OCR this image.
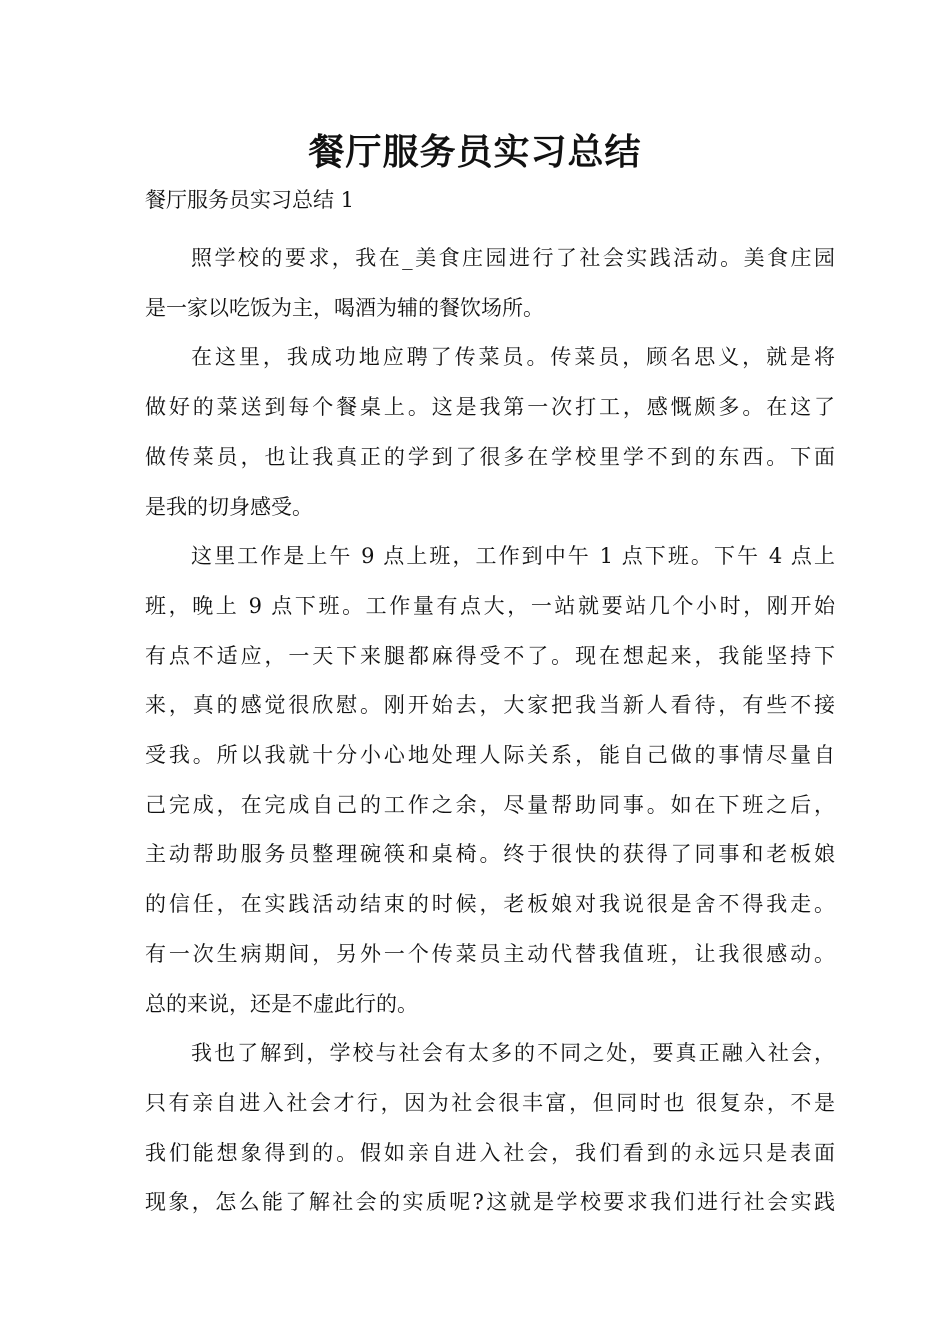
餐厅服务员实习总结
餐厅服务员实习总结 1
照学校的要求，我在_美食庄园进行了社会实践活动。美食庄园
是一家以吃饭为主，喝酒为辅的餐饮场所。
在这里，我成功地应聘了传菜员。传菜员，顾名思义，就是将
做好的菜送到每个餐桌上。这是我第一次打工，感慨颇多。在这了
做传菜员，也让我真正的学到了很多在学校里学不到的东西。下面
是我的切身感受。
这里工作是上午 9 点上班，工作到中午 1 点下班。下午 4 点上
班，晚上 9 点下班。工作量有点大，一站就要站几个小时，刚开始
有点不适应，一天下来腿都麻得受不了。现在想起来，我能坚持下
来，真的感觉很欣慰。刚开始去，大家把我当新人看待，有些不接
受我。所以我就十分小心地处理人际关系，能自己做的事情尽量自
己完成，在完成自己的工作之余，尽量帮助同事。如在下班之后，
主动帮助服务员整理碗筷和桌椅。终于很快的获得了同事和老板娘
的信任，在实践活动结束的时候，老板娘对我说很是舍不得我走。
有一次生病期间，另外一个传菜员主动代替我值班，让我很感动。
总的来说，还是不虚此行的。
我也了解到，学校与社会有太多的不同之处，要真正融入社会，
只有亲自进入社会才行，因为社会很丰富，但同时也 很复杂，不是
我们能想象得到的。假如亲自进入社会，我们看到的永远只是表面
现象，怎么能了解社会的实质呢?这就是学校要求我们进行社会实践
